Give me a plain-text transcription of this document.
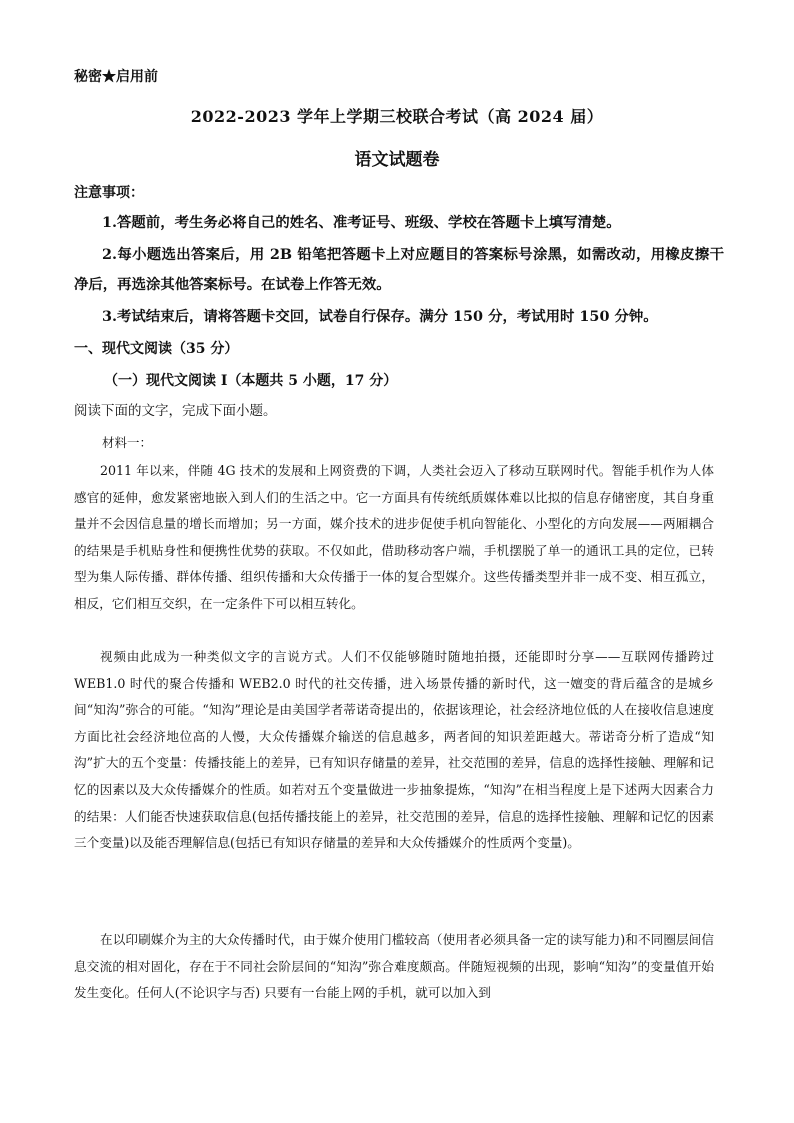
秘密★启用前
2022-2023 学年上学期三校联合考试（高 2024 届）
语文试题卷
注意事项：
1.答题前，考生务必将自己的姓名、准考证号、班级、学校在答题卡上填写清楚。
2.每小题选出答案后，用 2B 铅笔把答题卡上对应题目的答案标号涂黑，如需改动，用橡皮擦干净后，再选涂其他答案标号。在试卷上作答无效。
3.考试结束后，请将答题卡交回，试卷自行保存。满分 150 分，考试用时 150 分钟。
一、现代文阅读（35 分）
（一）现代文阅读 I（本题共 5 小题，17 分）
阅读下面的文字，完成下面小题。
材料一：
2011 年以来，伴随 4G 技术的发展和上网资费的下调，人类社会迈入了移动互联网时代。智能手机作为人体感官的延伸，愈发紧密地嵌入到人们的生活之中。它一方面具有传统纸质媒体难以比拟的信息存储密度，其自身重量并不会因信息量的增长而增加；另一方面，媒介技术的进步促使手机向智能化、小型化的方向发展——两厢耦合的结果是手机贴身性和便携性优势的获取。不仅如此，借助移动客户端，手机摆脱了单一的通讯工具的定位，已转型为集人际传播、群体传播、组织传播和大众传播于一体的复合型媒介。这些传播类型并非一成不变、相互孤立，相反，它们相互交织，在一定条件下可以相互转化。
视频由此成为一种类似文字的言说方式。人们不仅能够随时随地拍摄，还能即时分享——互联网传播跨过 WEB1.0 时代的聚合传播和 WEB2.0 时代的社交传播，进入场景传播的新时代，这一嬗变的背后蕴含的是城乡间“知沟”弥合的可能。“知沟”理论是由美国学者蒂诺奇提出的，依据该理论，社会经济地位低的人在接收信息速度方面比社会经济地位高的人慢，大众传播媒介输送的信息越多，两者间的知识差距越大。蒂诺奇分析了造成“知沟”扩大的五个变量：传播技能上的差异，已有知识存储量的差异，社交范围的差异，信息的选择性接触、理解和记忆的因素以及大众传播媒介的性质。如若对五个变量做进一步抽象提炼，“知沟”在相当程度上是下述两大因素合力的结果：人们能否快速获取信息(包括传播技能上的差异，社交范围的差异，信息的选择性接触、理解和记忆的因素三个变量)以及能否理解信息(包括已有知识存储量的差异和大众传播媒介的性质两个变量)。
在以印刷媒介为主的大众传播时代，由于媒介使用门槛较高（使用者必须具备一定的读写能力)和不同圈层间信息交流的相对固化，存在于不同社会阶层间的“知沟”弥合难度颇高。伴随短视频的出现，影响“知沟”的变量值开始发生变化。任何人(不论识字与否) 只要有一台能上网的手机，就可以加入到
